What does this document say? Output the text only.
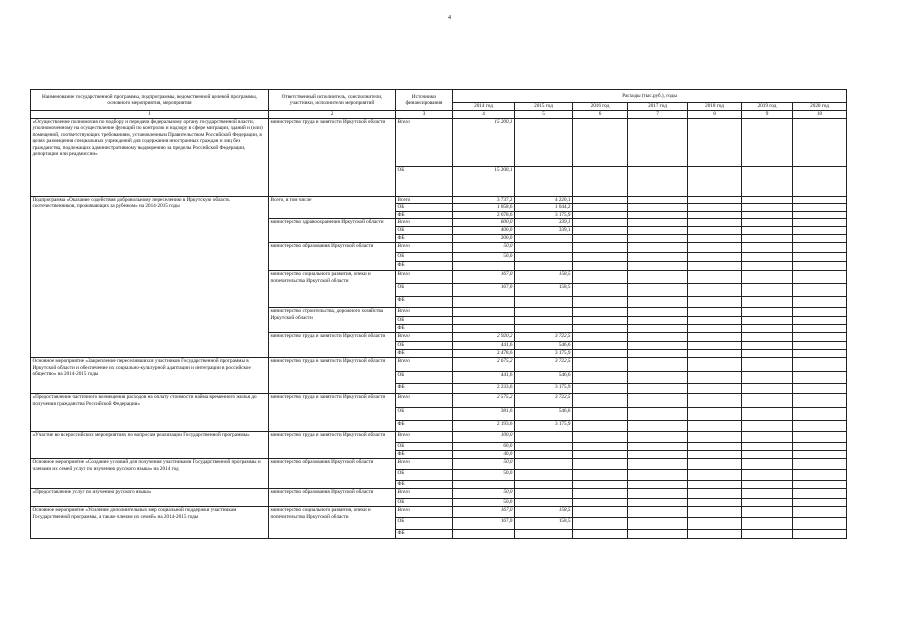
4
Наименование государственной программы, подпрограммы, ведомственной целевой программы, основного мероприятия, мероприятия	Ответственный исполнитель, соисполнители, участники, исполнители мероприятий	Источники финансирования	Расходы (тыс.руб.), годы						
			2014 год	2015 год	2016 год	2017 год	2018 год	2019 год	2020 год
1	2	3	4	5	6	7	8	9	10
«Осуществление полномочия по подбору и передачи федеральному органу государственной власти, уполномоченному на осуществление функций по контролю и надзору в сфере миграции, зданий и (или) помещений, соответствующих требованиям, установленным Правительством Российской Федерации, в целях размещения специальных учреждений для содержания иностранных граждан и лиц без гражданства, подлежащих административному выдворению за пределы Российской Федерации, депортации или реадмиссии»	министерство труда и занятости Иркутской области	Всего	15 200,1						
		ОБ	15 200,1						
Подпрограмма «Оказание содействия добровольному переселению в Иркутскую область соотечественников, проживающих за рубежом» на 2014-2015 годы	Всего, в том числе	Всего	3 737,2	4 220,1					
		ОБ	1 058,6	1 044,2					
		ФБ	2 678,6	3 175,9					
	министерство здравоохранения Иркутской области	Всего	600,0	339,1					
		ОБ	400,0	339,1					
		ФБ	200,0						
	министерство образования Иркутской области	Всего	50,0						
		ОБ	50,0						
		ФБ							
	министерство социального развития, опеки и попечительства Иркутской области	Всего	167,0	158,5					
		ОБ	167,0	158,5					
		ФБ							
	министерство строительства, дорожного хозяйства Иркутской области	Всего							
		ОБ							
		ФБ							
	министерство труда и занятости Иркутской области	Всего	2 920,2	3 722,5					
		ОБ	441,6	546,6					
		ФБ	2 478,6	3 175,9					
Основное мероприятие «Закрепление переселившихся участников Государственной программы в Иркутской области и обеспечение их социально-культурной адаптации и интеграции в российское общество» на 2014-2015 годы	министерство труда и занятости Иркутской области	Всего	2 675,2	3 722,5					
		ОБ	441,6	546,6					
		ФБ	2 233,6	3 175,9					
«Предоставление частичного возмещения расходов на оплату стоимости найма временного жилья до получения гражданства Российской Федерации»	министерство труда и занятости Иркутской области	Всего	2 575,2	3 722,5					
		ОБ	381,6	546,6					
		ФБ	2 193,6	3 175,9					
«Участие во всероссийских мероприятиях по вопросам реализации Государственной программы»	министерство труда и занятости Иркутской области	Всего	100,0						
		ОБ	60,0						
		ФБ	40,0						
Основное мероприятие «Создание условий для получения участниками Государственной программы и членами их семей услуг по изучению русского языка» на 2014 год	министерство образования Иркутской области	Всего	50,0						
		ОБ	50,0						
		ФБ							
«Предоставление услуг по изучению русского языка»	министерство образования Иркутской области	Всего	50,0						
		ОБ	50,0						
Основное мероприятие «Усиление дополнительных мер социальной поддержки участникам Государственной программы, а также членам их семей» на 2014-2015 годы	министерство социального развития, опеки и попечительства Иркутской области	Всего	167,0	158,5					
		ОБ	167,0	158,5					
		ФБ							
